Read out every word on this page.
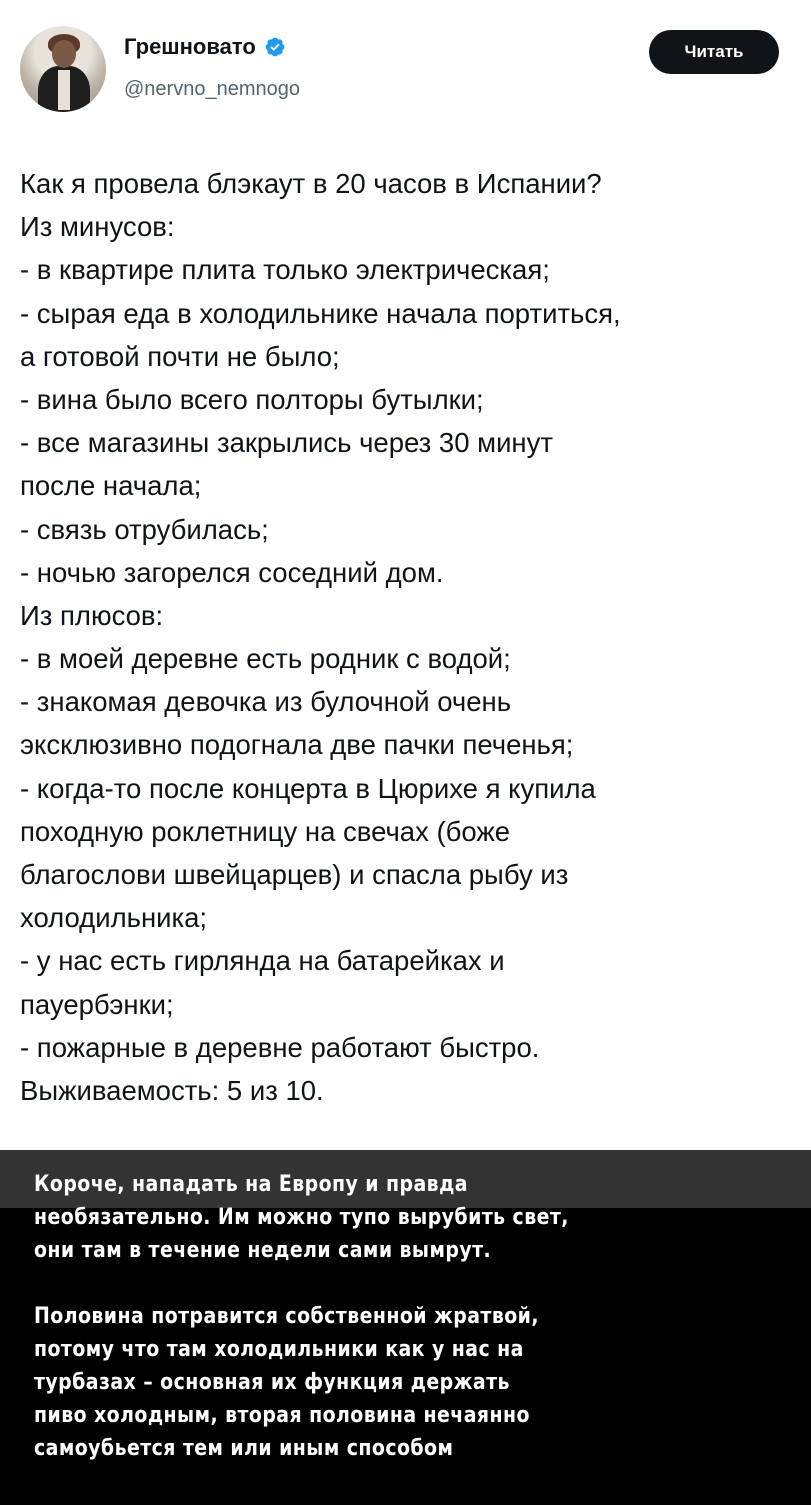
Грешновато
@nervno_nemnogo
Читать
Как я провела блэкаут в 20 часов в Испании?
Из минусов:
- в квартире плита только электрическая;
- сырая еда в холодильнике начала портиться,
а готовой почти не было;
- вина было всего полторы бутылки;
- все магазины закрылись через 30 минут
после начала;
- связь отрубилась;
- ночью загорелся соседний дом.
Из плюсов:
- в моей деревне есть родник с водой;
- знакомая девочка из булочной очень
эксклюзивно подогнала две пачки печенья;
- когда-то после концерта в Цюрихе я купила
походную роклетницу на свечах (боже
благослови швейцарцев) и спасла рыбу из
холодильника;
- у нас есть гирлянда на батарейках и
пауербэнки;
- пожарные в деревне работают быстро.
Выживаемость: 5 из 10.
Короче, нападать на Европу и правда
необязательно. Им можно тупо вырубить свет,
они там в течение недели сами вымрут.
Половина потравится собственной жратвой,
потому что там холодильники как у нас на
турбазах – основная их функция держать
пиво холодным, вторая половина нечаянно
самоубьется тем или иным способом
